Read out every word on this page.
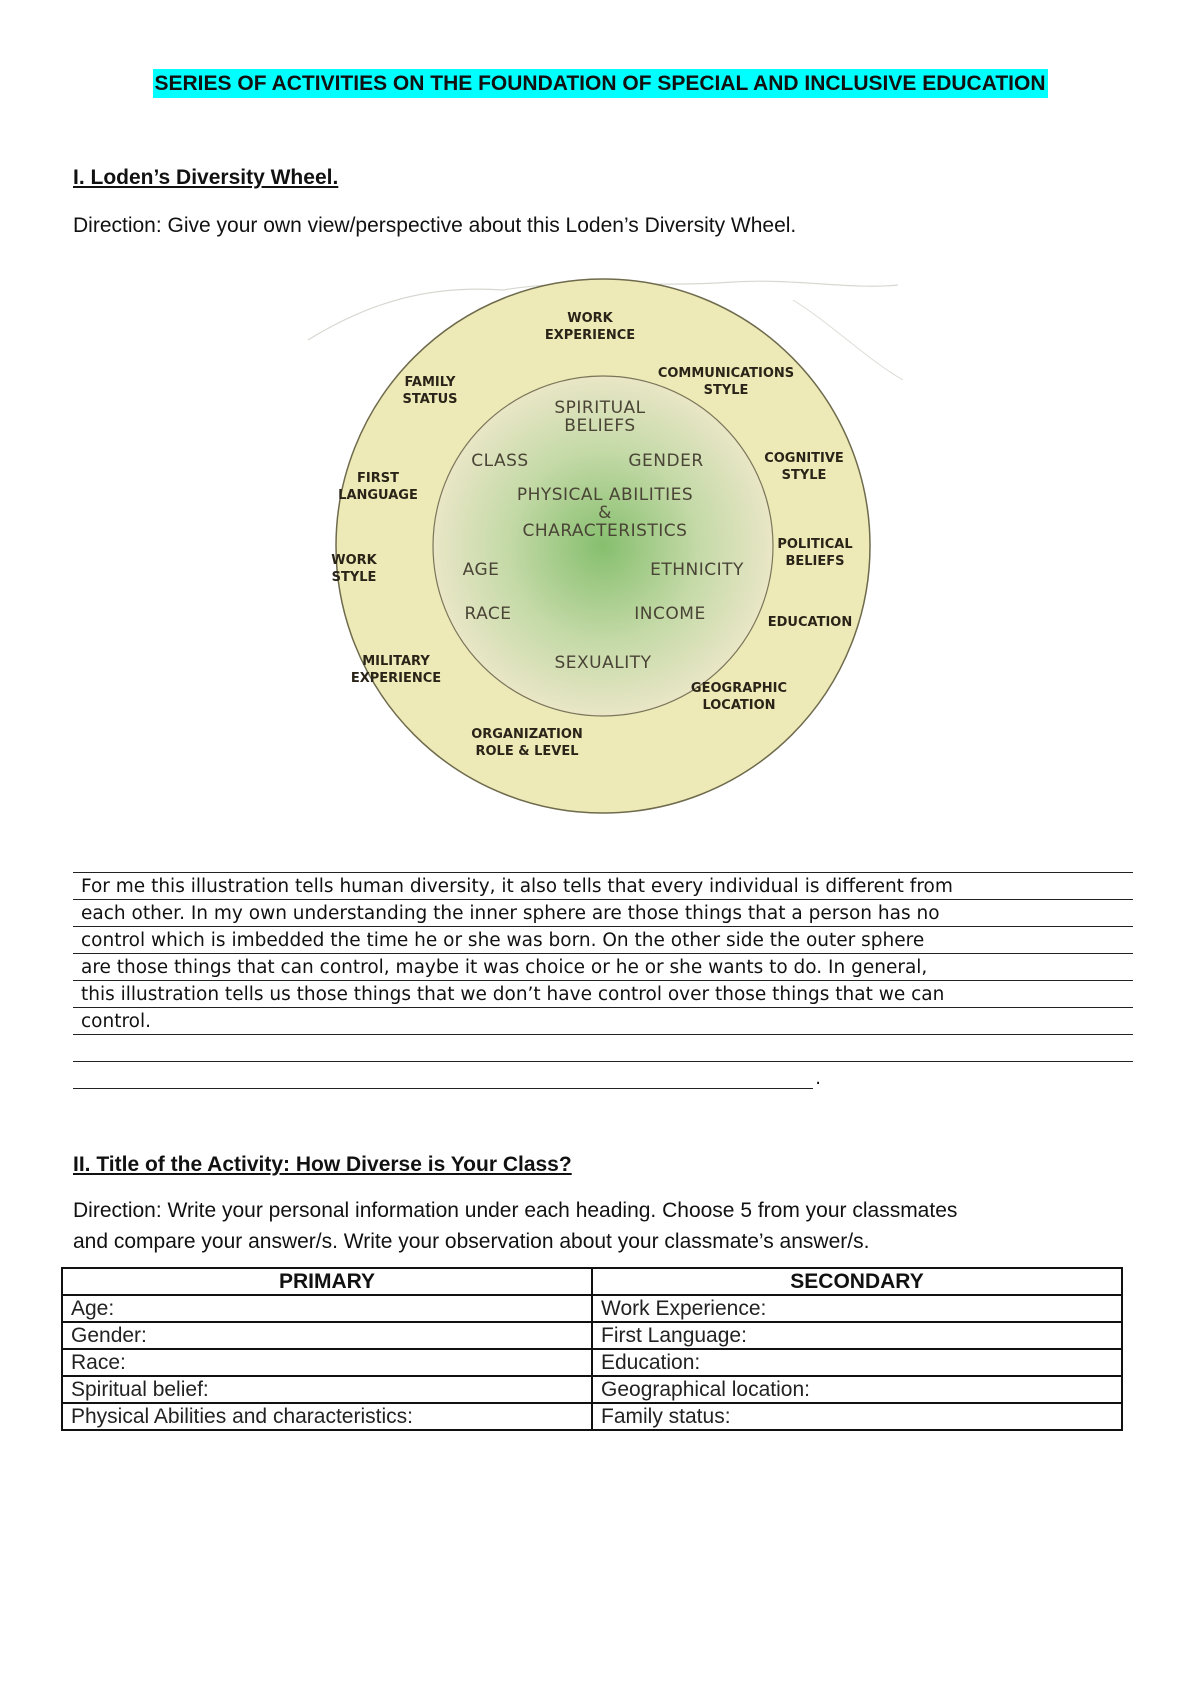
SERIES OF ACTIVITIES ON THE FOUNDATION OF SPECIAL AND INCLUSIVE EDUCATION
I. Loden’s Diversity Wheel.
Direction: Give your own view/perspective about this Loden’s Diversity Wheel.
WORK EXPERIENCE
COMMUNICATIONS STYLE
COGNITIVE STYLE
POLITICAL BELIEFS
EDUCATION
GEOGRAPHIC LOCATION
ORGANIZATION ROLE & LEVEL
MILITARY EXPERIENCE
WORK STYLE
FIRST LANGUAGE
FAMILY STATUS	SPIRITUAL BELIEFS
CLASS	GENDER
PHYSICAL ABILITIES & CHARACTERISTICS
AGE	ETHNICITY
RACE	INCOME
SEXUALITY
For me this illustration tells human diversity, it also tells that every individual is different from
each other. In my own understanding the inner sphere are those things that a person has no
control which is imbedded the time he or she was born. On the other side the outer sphere
are those things that can control, maybe it was choice or he or she wants to do. In general,
this illustration tells us those things that we don’t have control over those things that we can
control.
.
II. Title of the Activity: How Diverse is Your Class?
Direction: Write your personal information under each heading. Choose 5 from your classmates
and compare your answer/s. Write your observation about your classmate’s answer/s.
PRIMARY	SECONDARY
Age:	Work Experience:
Gender:	First Language:
Race:	Education:
Spiritual belief:	Geographical location:
Physical Abilities and characteristics:	Family status:
